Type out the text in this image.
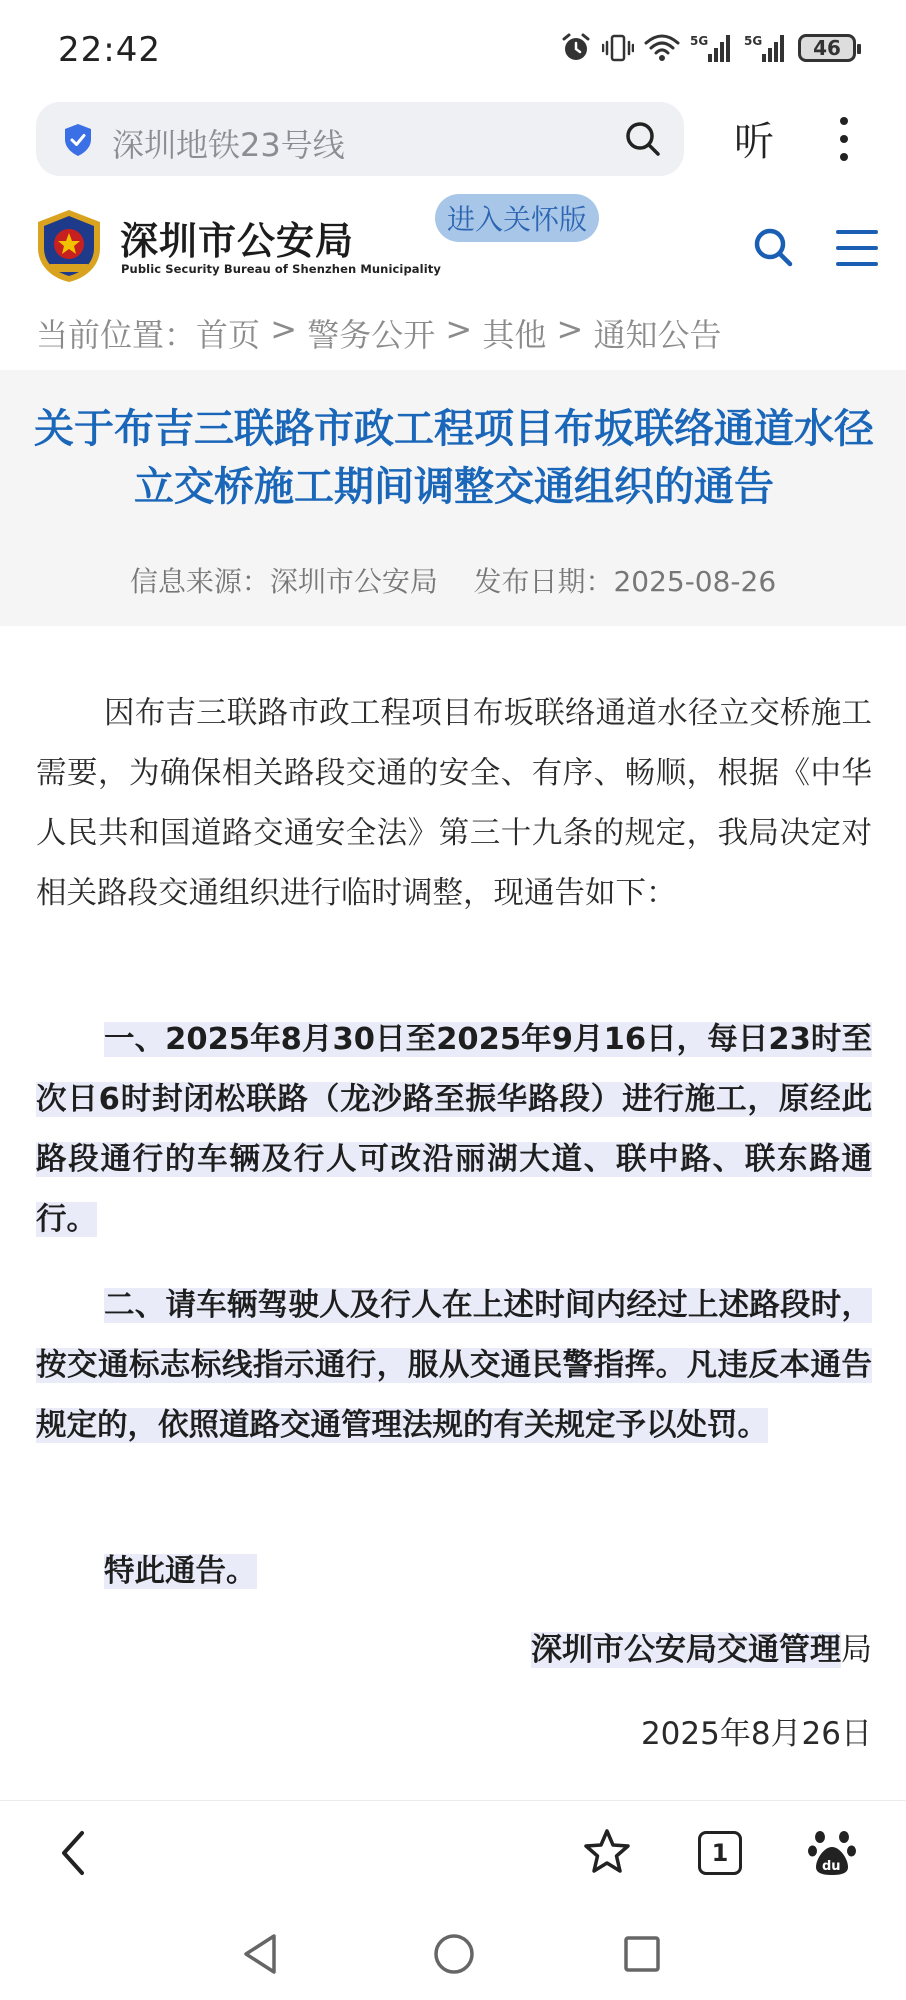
22:42	5G	5G	46
深圳地铁23号线	听
深圳市公安局
Public Security Bureau of Shenzhen Municipality
进入关怀版
当前位置： 首页 > 警务公开 > 其他 > 通知公告
关于布吉三联路市政工程项目布坂联络通道水径立交桥施工期间调整交通组织的通告
信息来源：深圳市公安局 发布日期：2025-08-26

因布吉三联路市政工程项目布坂联络通道水径立交桥施工需要，为确保相关路段交通的安全、有序、畅顺，根据《中华人民共和国道路交通安全法》第三十九条的规定，我局决定对相关路段交通组织进行临时调整，现通告如下：

一、2025年8月30日至2025年9月16日，每日23时至次日6时封闭松联路（龙沙路至振华路段）进行施工，原经此路段通行的车辆及行人可改沿丽湖大道、联中路、联东路通行。

二、请车辆驾驶人及行人在上述时间内经过上述路段时，按交通标志标线指示通行，服从交通民警指挥。凡违反本通告规定的，依照道路交通管理法规的有关规定予以处罚。

特此通告。

深圳市公安局交通管理局
2025年8月26日
1	du
